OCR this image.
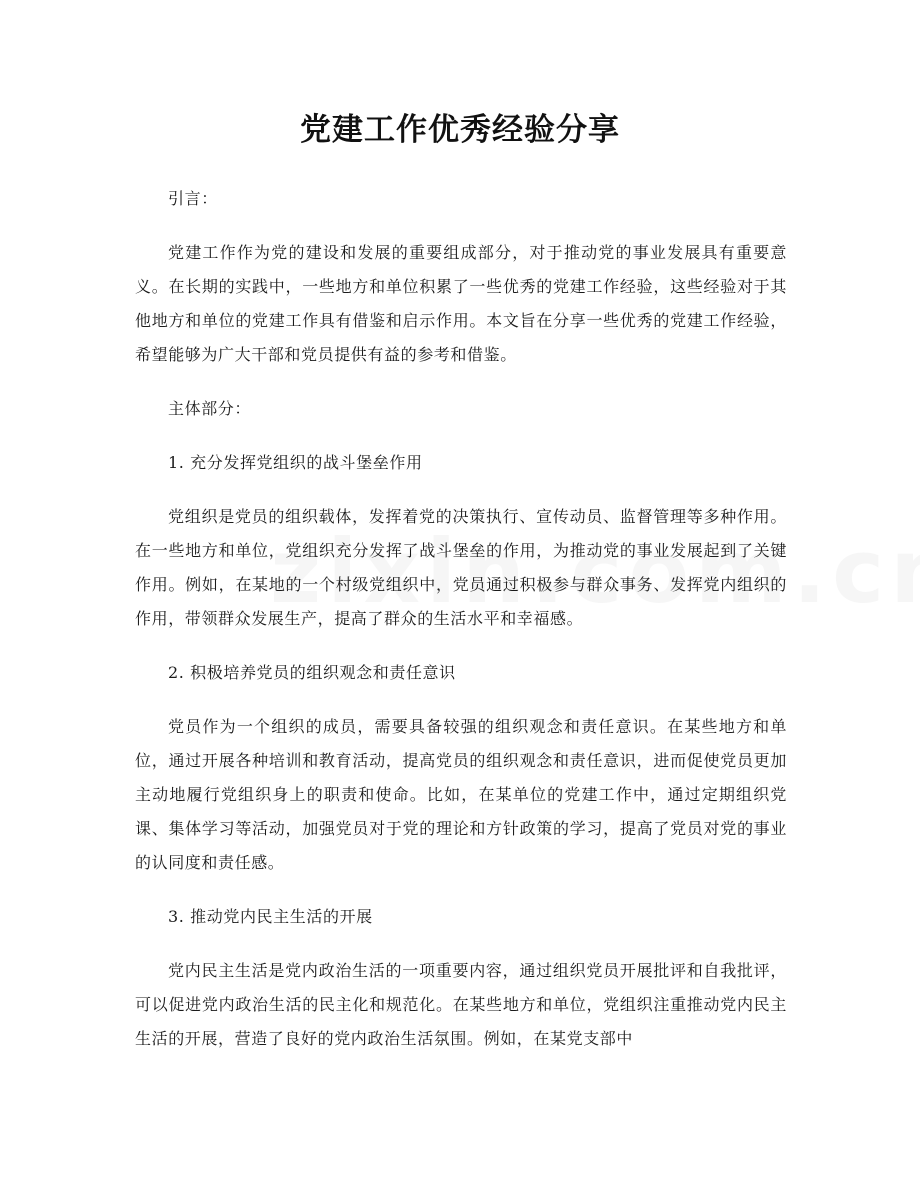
党建工作优秀经验分享

引言：

党建工作作为党的建设和发展的重要组成部分，对于推动党的事业发展具有重要意义。在长期的实践中，一些地方和单位积累了一些优秀的党建工作经验，这些经验对于其他地方和单位的党建工作具有借鉴和启示作用。本文旨在分享一些优秀的党建工作经验，希望能够为广大干部和党员提供有益的参考和借鉴。

主体部分：

1. 充分发挥党组织的战斗堡垒作用

党组织是党员的组织载体，发挥着党的决策执行、宣传动员、监督管理等多种作用。在一些地方和单位，党组织充分发挥了战斗堡垒的作用，为推动党的事业发展起到了关键作用。例如，在某地的一个村级党组织中，党员通过积极参与群众事务、发挥党内组织的作用，带领群众发展生产，提高了群众的生活水平和幸福感。

2. 积极培养党员的组织观念和责任意识

党员作为一个组织的成员，需要具备较强的组织观念和责任意识。在某些地方和单位，通过开展各种培训和教育活动，提高党员的组织观念和责任意识，进而促使党员更加主动地履行党组织身上的职责和使命。比如，在某单位的党建工作中，通过定期组织党课、集体学习等活动，加强党员对于党的理论和方针政策的学习，提高了党员对党的事业的认同度和责任感。

3. 推动党内民主生活的开展

党内民主生活是党内政治生活的一项重要内容，通过组织党员开展批评和自我批评，可以促进党内政治生活的民主化和规范化。在某些地方和单位，党组织注重推动党内民主生活的开展，营造了良好的党内政治生活氛围。例如，在某党支部中
